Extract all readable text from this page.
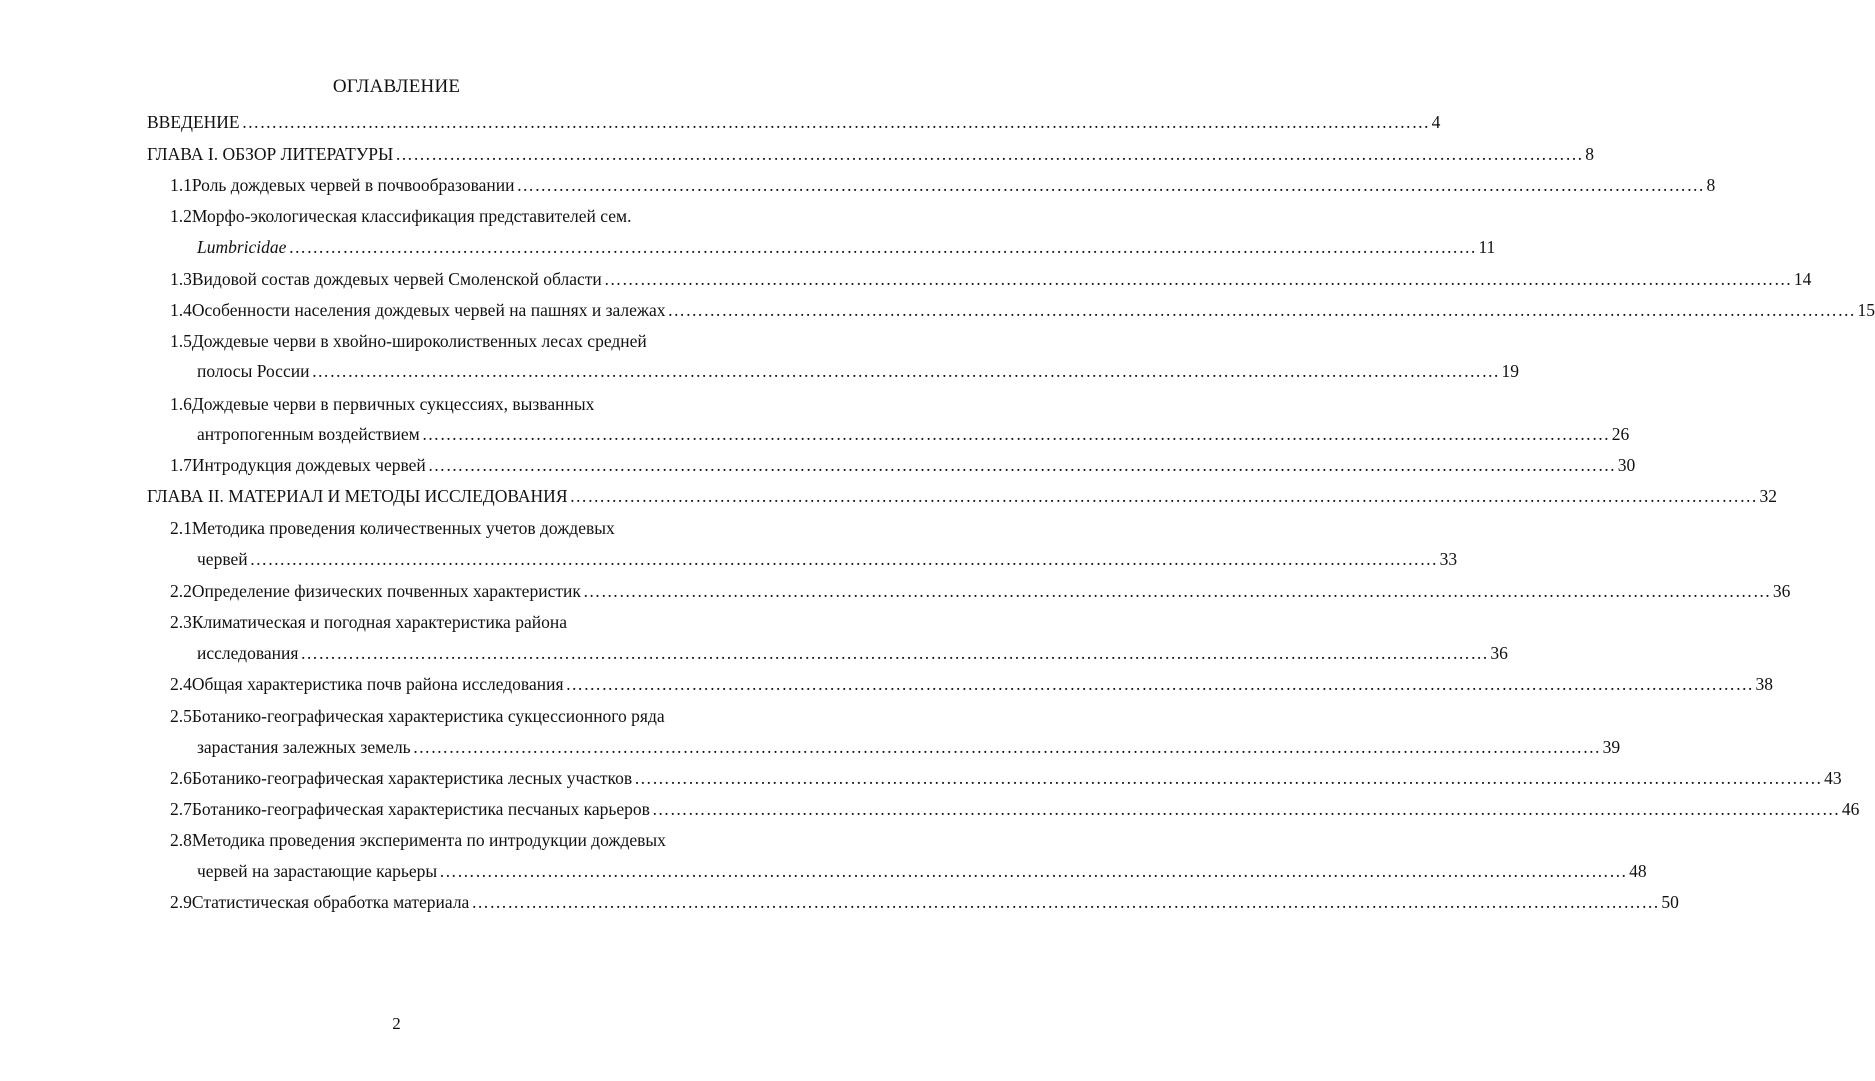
ОГЛАВЛЕНИЕ
ВВЕДЕНИЕ ………………………………………………………………………………………………………………………………………………………………………………	4
ГЛАВА I. ОБЗОР ЛИТЕРАТУРЫ ………………………………………………………………………………………………………………………………………………………………………………	8
1.1 Роль дождевых червей в почвообразовании ………………………………………………………………………………………………………………………………………………………………………………	8
1.2 Морфо-экологическая классификация представителей сем.
Lumbricidae ………………………………………………………………………………………………………………………………………………………………………………	11
1.3 Видовой состав дождевых червей Смоленской области ………………………………………………………………………………………………………………………………………………………………………………	14
1.4 Особенности населения дождевых червей на пашнях и залежах ………………………………………………………………………………………………………………………………………………………………………………	15
1.5 Дождевые черви в хвойно-широколиственных лесах средней
полосы России ………………………………………………………………………………………………………………………………………………………………………………	19
1.6 Дождевые черви в первичных сукцессиях, вызванных
антропогенным воздействием ………………………………………………………………………………………………………………………………………………………………………………	26
1.7 Интродукция дождевых червей ………………………………………………………………………………………………………………………………………………………………………………	30
ГЛАВА II. МАТЕРИАЛ И МЕТОДЫ ИССЛЕДОВАНИЯ ………………………………………………………………………………………………………………………………………………………………………………	32
2.1 Методика проведения количественных учетов дождевых
червей ………………………………………………………………………………………………………………………………………………………………………………	33
2.2 Определение физических почвенных характеристик ………………………………………………………………………………………………………………………………………………………………………………	36
2.3 Климатическая и погодная характеристика района
исследования ………………………………………………………………………………………………………………………………………………………………………………	36
2.4 Общая характеристика почв района исследования ………………………………………………………………………………………………………………………………………………………………………………	38
2.5 Ботанико-географическая характеристика сукцессионного ряда
зарастания залежных земель ………………………………………………………………………………………………………………………………………………………………………………	39
2.6 Ботанико-географическая характеристика лесных участков ………………………………………………………………………………………………………………………………………………………………………………	43
2.7 Ботанико-географическая характеристика песчаных карьеров ………………………………………………………………………………………………………………………………………………………………………………	46
2.8 Методика проведения эксперимента по интродукции дождевых
червей на зарастающие карьеры ………………………………………………………………………………………………………………………………………………………………………………	48
2.9 Статистическая обработка материала ………………………………………………………………………………………………………………………………………………………………………………	50
2
